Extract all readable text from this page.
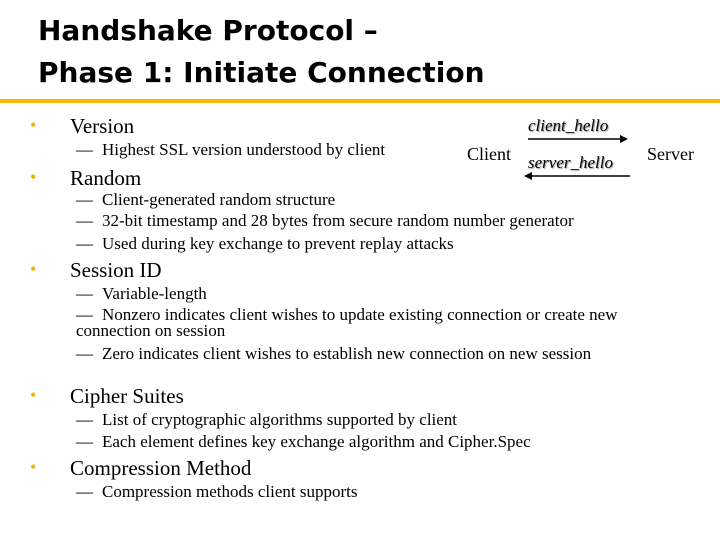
Handshake Protocol –
Phase 1: Initiate Connection
• Version
— Highest SSL version understood by client
• Random
— Client-generated random structure
— 32-bit timestamp and 28 bytes from secure random number generator
— Used during key exchange to prevent replay attacks
• Session ID
— Variable-length
— Nonzero indicates client wishes to update existing connection or create new connection on session
— Zero indicates client wishes to establish new connection on new session
• Cipher Suites
— List of cryptographic algorithms supported by client
— Each element defines key exchange algorithm and Cipher.Spec
• Compression Method
— Compression methods client supports
client_hello
Client server_hello Server
